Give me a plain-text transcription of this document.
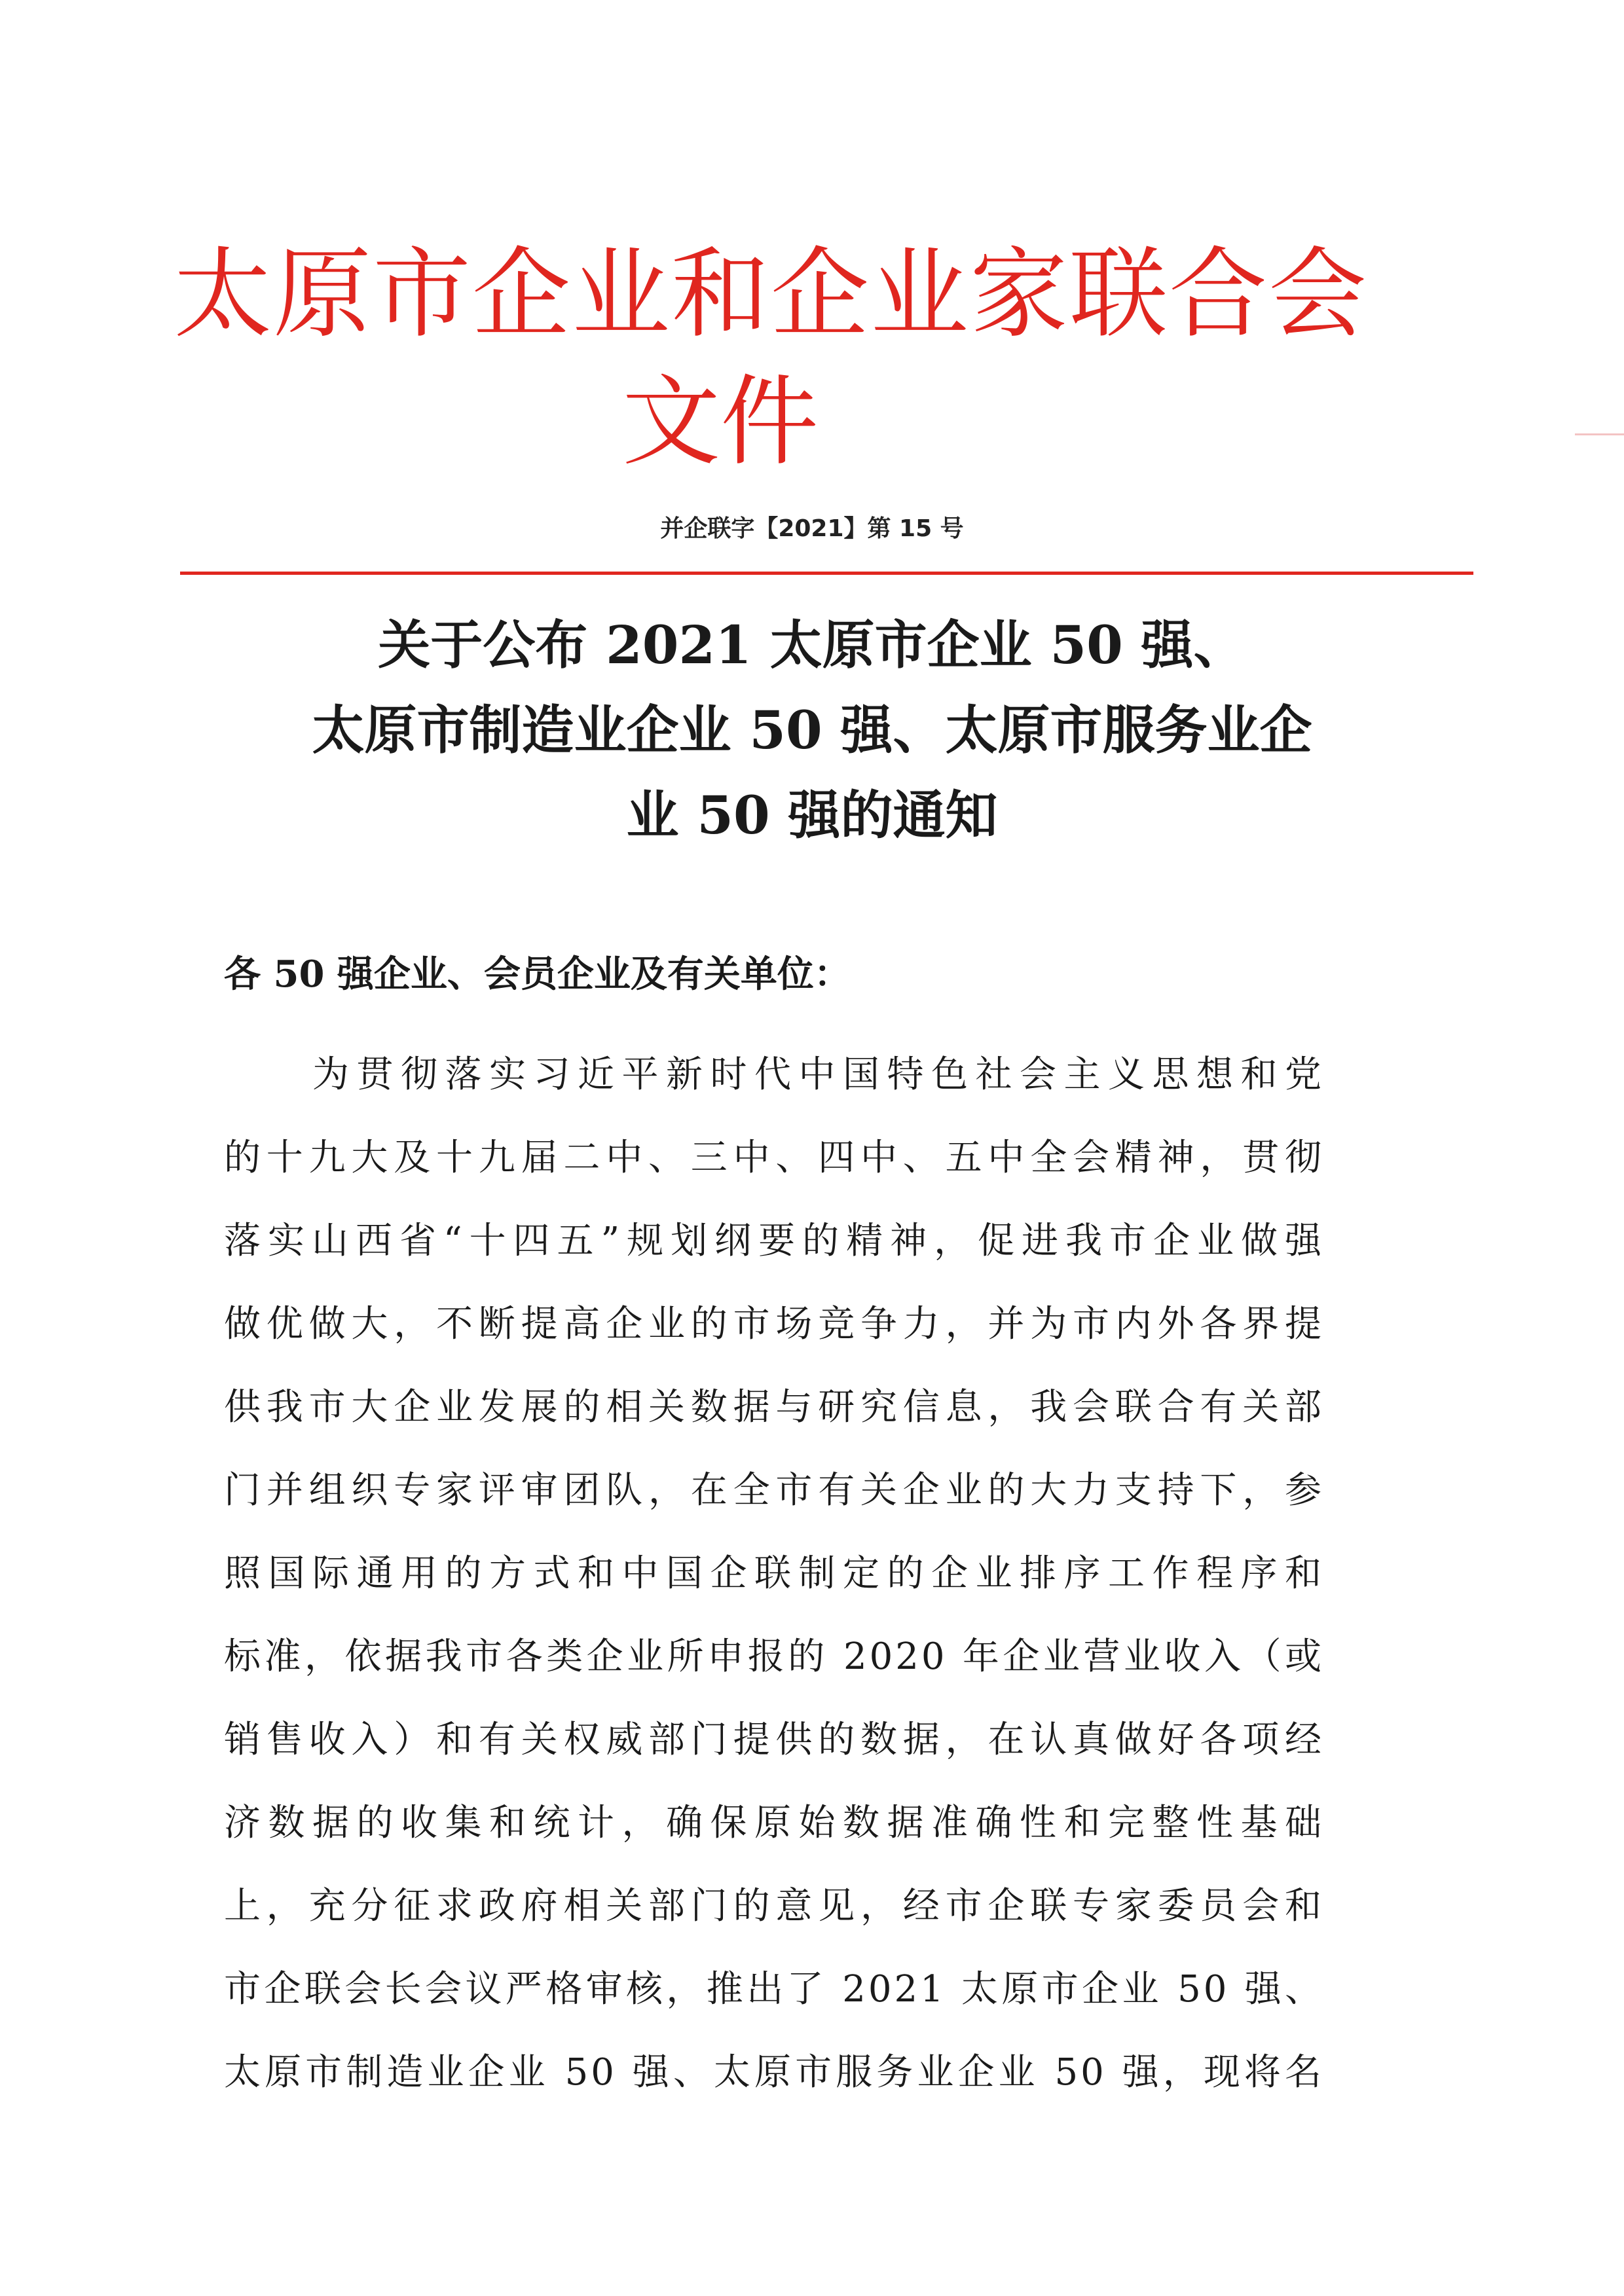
太原市企业和企业家联合会
文件
并企联字【2021】第 15 号
关于公布 2021 太原市企业 50 强、
太原市制造业企业 50 强、太原市服务业企
业 50 强的通知
各 50 强企业、会员企业及有关单位：
　　为贯彻落实习近平新时代中国特色社会主义思想和党
的十九大及十九届二中、三中、四中、五中全会精神，贯彻
落实山西省“十四五”规划纲要的精神，促进我市企业做强
做优做大，不断提高企业的市场竞争力，并为市内外各界提
供我市大企业发展的相关数据与研究信息，我会联合有关部
门并组织专家评审团队，在全市有关企业的大力支持下，参
照国际通用的方式和中国企联制定的企业排序工作程序和
标准，依据我市各类企业所申报的 2020 年企业营业收入（或
销售收入）和有关权威部门提供的数据，在认真做好各项经
济数据的收集和统计，确保原始数据准确性和完整性基础
上，充分征求政府相关部门的意见，经市企联专家委员会和
市企联会长会议严格审核，推出了 2021 太原市企业 50 强、
太原市制造业企业 50 强、太原市服务业企业 50 强，现将名
